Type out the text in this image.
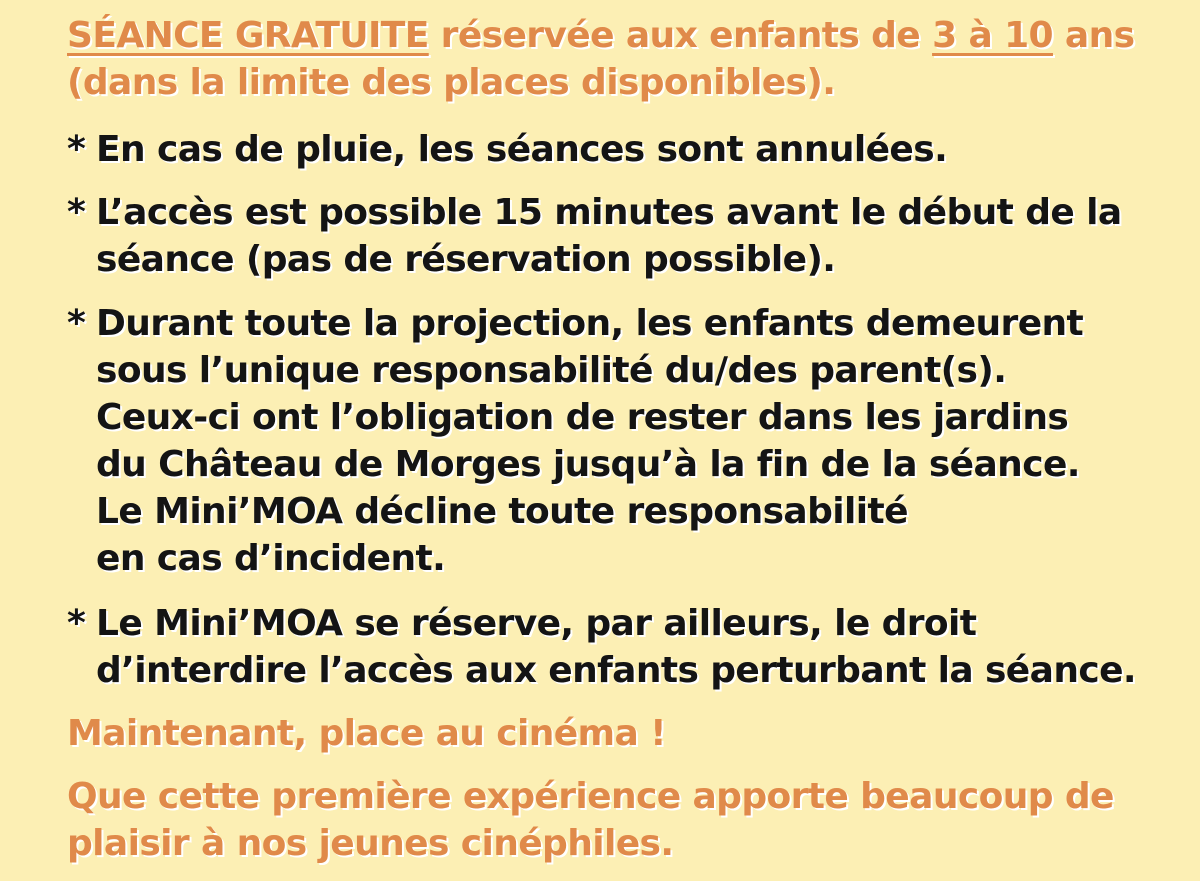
SÉANCE GRATUITE réservée aux enfants de 3 à 10 ans
(dans la limite des places disponibles).

* En cas de pluie, les séances sont annulées.
* L’accès est possible 15 minutes avant le début de la
séance (pas de réservation possible).
* Durant toute la projection, les enfants demeurent
sous l’unique responsabilité du/des parent(s).
Ceux-ci ont l’obligation de rester dans les jardins
du Château de Morges jusqu’à la fin de la séance.
Le Mini’MOA décline toute responsabilité
en cas d’incident.
* Le Mini’MOA se réserve, par ailleurs, le droit
d’interdire l’accès aux enfants perturbant la séance.

Maintenant, place au cinéma !

Que cette première expérience apporte beaucoup de
plaisir à nos jeunes cinéphiles.
